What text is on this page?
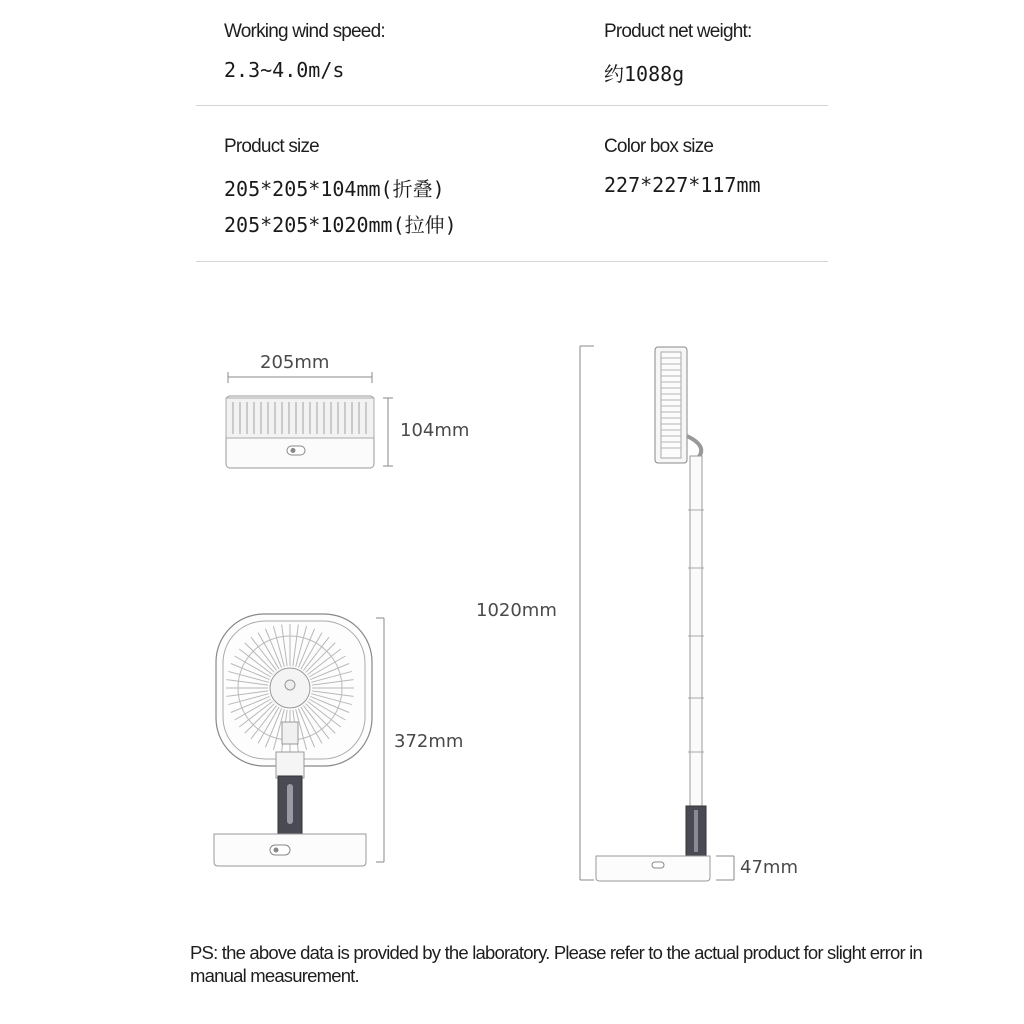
Working wind speed:
2.3~4.0m/s
Product net weight:
约1088g
Product size
205*205*104mm(折叠)
205*205*1020mm(拉伸)
Color box size
227*227*117mm
205mm
104mm
372mm
1020mm
47mm
PS: the above data is provided by the laboratory. Please refer to the actual product for slight error in manual measurement.
